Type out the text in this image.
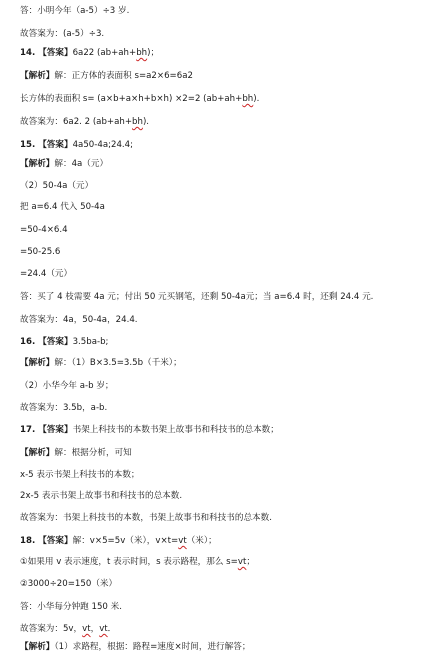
答：小明今年（a-5）÷3 岁.
故答案为：(a-5）÷3.
14. 【答案】6a22 (ab+ah+bh)；
【解析】解：正方体的表面积 s=a2×6=6a2
长方体的表面积 s= (a×b+a×h+b×h) ×2=2 (ab+ah+bh).
故答案为：6a2. 2 (ab+ah+bh).
15. 【答案】4a50-4a;24.4;
【解析】解：4a（元）
（2）50-4a（元）
把 a=6.4 代入 50-4a
=50-4×6.4
=50-25.6
=24.4（元）
答：买了 4 枝需要 4a 元；付出 50 元买钢笔，还剩 50-4a元；当 a=6.4 时，还剩 24.4 元.
故答案为：4a，50-4a，24.4.
16. 【答案】3.5ba-b;
【解析】解：（1）B×3.5=3.5b（千米）；
（2）小华今年 a-b 岁；
故答案为：3.5b，a-b.
17. 【答案】书架上科技书的本数书架上故事书和科技书的总本数；
【解析】解：根据分析，可知
x-5 表示书架上科技书的本数；
2x-5 表示书架上故事书和科技书的总本数.
故答案为：书架上科技书的本数，书架上故事书和科技书的总本数.
18. 【答案】解：v×5=5v（米），v×t=vt（米）；
①如果用 v 表示速度，t 表示时间，s 表示路程，那么 s=vt；
②3000÷20=150（米）
答：小华每分钟跑 150 米.
故答案为：5v，vt，vt．
【解析】（1）求路程，根据：路程=速度×时间，进行解答；
